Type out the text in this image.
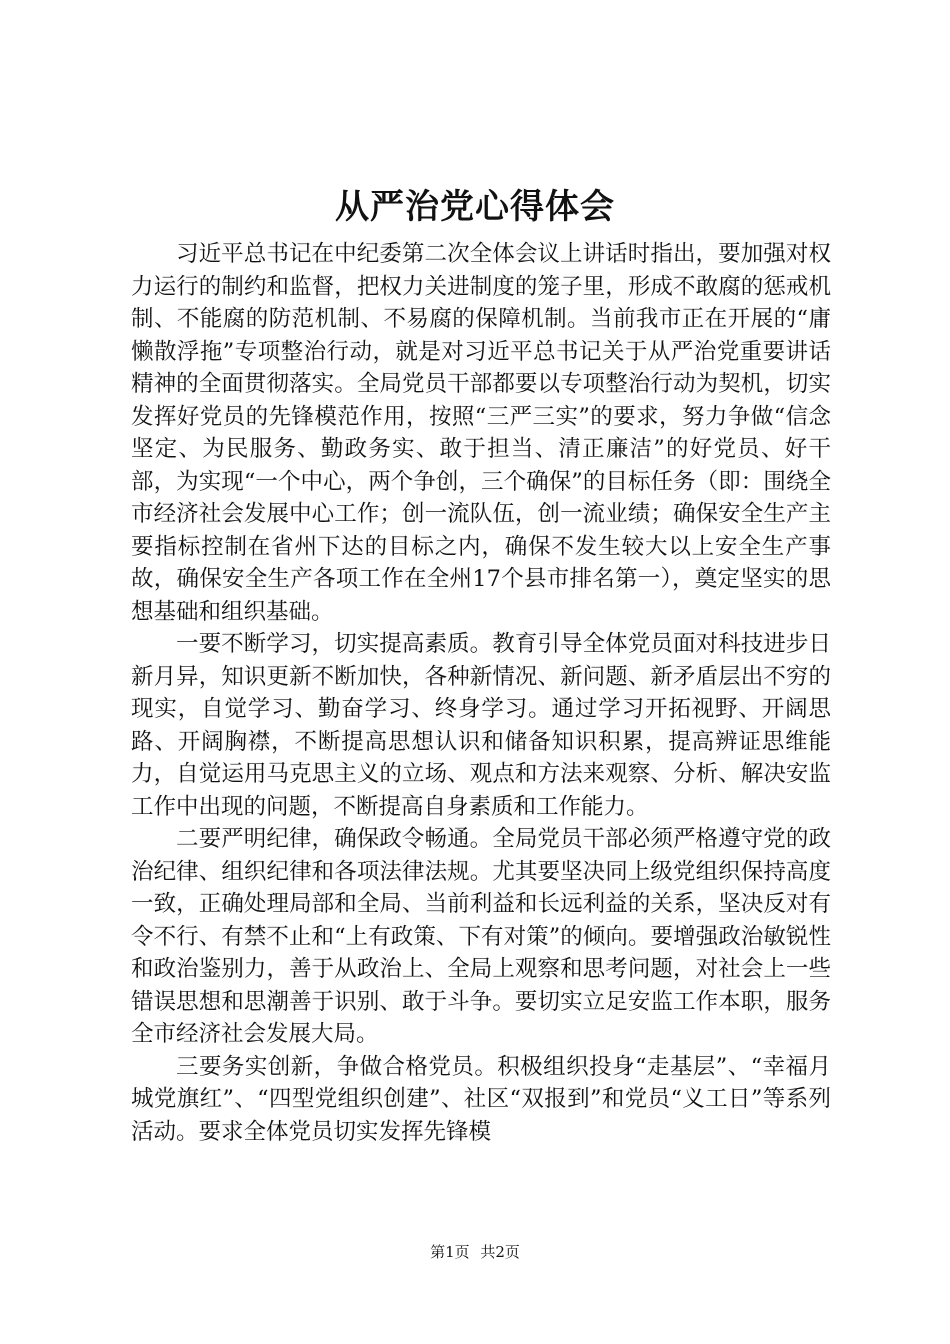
从严治党心得体会

习近平总书记在中纪委第二次全体会议上讲话时指出，要加强对权力运行的制约和监督，把权力关进制度的笼子里，形成不敢腐的惩戒机制、不能腐的防范机制、不易腐的保障机制。当前我市正在开展的“庸懒散浮拖”专项整治行动，就是对习近平总书记关于从严治党重要讲话精神的全面贯彻落实。全局党员干部都要以专项整治行动为契机，切实发挥好党员的先锋模范作用，按照“三严三实”的要求，努力争做“信念坚定、为民服务、勤政务实、敢于担当、清正廉洁”的好党员、好干部，为实现“一个中心，两个争创，三个确保”的目标任务（即：围绕全市经济社会发展中心工作；创一流队伍，创一流业绩；确保安全生产主要指标控制在省州下达的目标之内，确保不发生较大以上安全生产事故，确保安全生产各项工作在全州17个县市排名第一），奠定坚实的思想基础和组织基础。

一要不断学习，切实提高素质。教育引导全体党员面对科技进步日新月异，知识更新不断加快，各种新情况、新问题、新矛盾层出不穷的现实，自觉学习、勤奋学习、终身学习。通过学习开拓视野、开阔思路、开阔胸襟，不断提高思想认识和储备知识积累，提高辨证思维能力，自觉运用马克思主义的立场、观点和方法来观察、分析、解决安监工作中出现的问题，不断提高自身素质和工作能力。

二要严明纪律，确保政令畅通。全局党员干部必须严格遵守党的政治纪律、组织纪律和各项法律法规。尤其要坚决同上级党组织保持高度一致，正确处理局部和全局、当前利益和长远利益的关系，坚决反对有令不行、有禁不止和“上有政策、下有对策”的倾向。要增强政治敏锐性和政治鉴别力，善于从政治上、全局上观察和思考问题，对社会上一些错误思想和思潮善于识别、敢于斗争。要切实立足安监工作本职，服务全市经济社会发展大局。

三要务实创新，争做合格党员。积极组织投身“走基层”、“幸福月城党旗红”、“四型党组织创建”、社区“双报到”和党员“义工日”等系列活动。要求全体党员切实发挥先锋模

第1页 共2页
